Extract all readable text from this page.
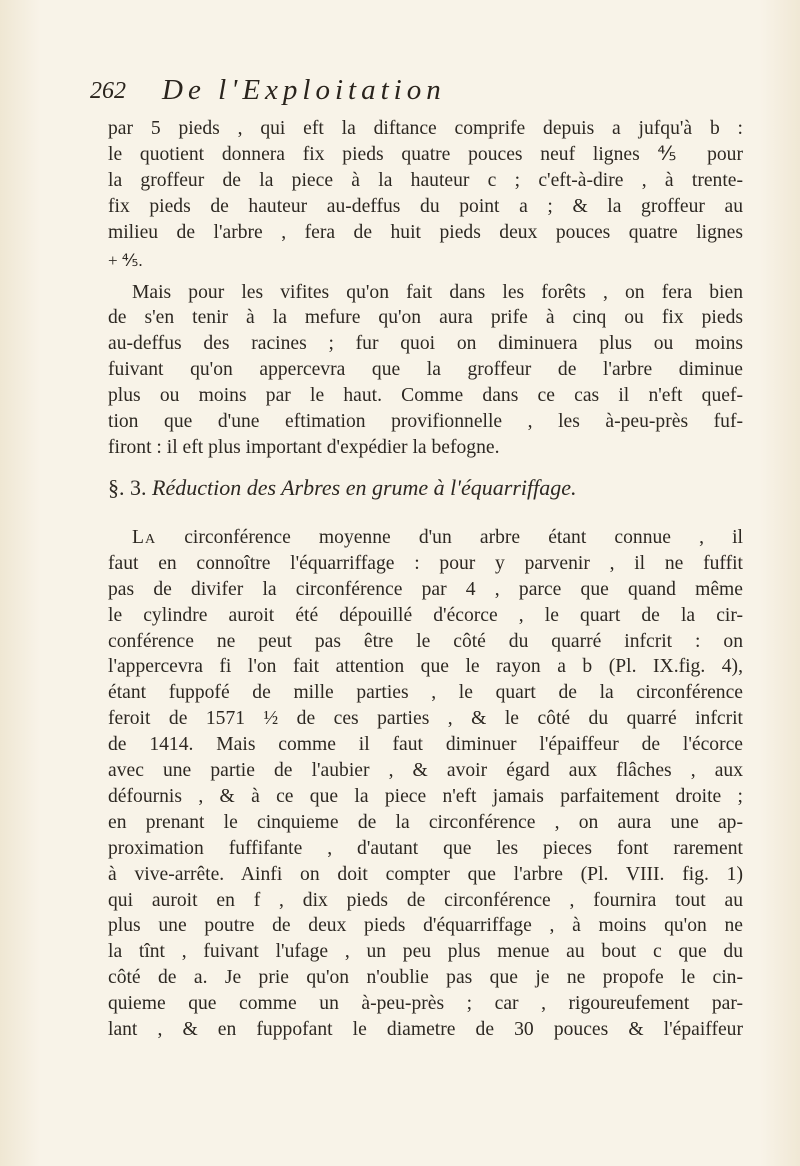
262 De l'Exploitation
par 5 pieds , qui eft la diftance comprife depuis a jufqu'à b :
le quotient donnera fix pieds quatre pouces neuf lignes ⅘ pour
la groffeur de la piece à la hauteur c ; c'eft-à-dire , à trente-
fix pieds de hauteur au-deffus du point a ; & la groffeur au
milieu de l'arbre , fera de huit pieds deux pouces quatre lignes
+ ⅘.
Mais pour les vifites qu'on fait dans les forêts , on fera bien
de s'en tenir à la mefure qu'on aura prife à cinq ou fix pieds
au-deffus des racines ; fur quoi on diminuera plus ou moins
fuivant qu'on appercevra que la groffeur de l'arbre diminue
plus ou moins par le haut. Comme dans ce cas il n'eft quef-
tion que d'une eftimation provifionnelle , les à-peu-près fuf-
firont : il eft plus important d'expédier la befogne.
§. 3. Réduction des Arbres en grume à l'équarriffage.
La circonférence moyenne d'un arbre étant connue , il
faut en connoître l'équarriffage : pour y parvenir , il ne fuffit
pas de divifer la circonférence par 4 , parce que quand même
le cylindre auroit été dépouillé d'écorce , le quart de la cir-
conférence ne peut pas être le côté du quarré infcrit : on
l'appercevra fi l'on fait attention que le rayon a b (Pl. IX.fig. 4),
étant fuppofé de mille parties , le quart de la circonférence
feroit de 1571 ½ de ces parties , & le côté du quarré infcrit
de 1414. Mais comme il faut diminuer l'épaiffeur de l'écorce
avec une partie de l'aubier , & avoir égard aux flâches , aux
défournis , & à ce que la piece n'eft jamais parfaitement droite ;
en prenant le cinquieme de la circonférence , on aura une ap-
proximation fuffifante , d'autant que les pieces font rarement
à vive-arrête. Ainfi on doit compter que l'arbre (Pl. VIII. fig. 1)
qui auroit en f , dix pieds de circonférence , fournira tout au
plus une poutre de deux pieds d'équarriffage , à moins qu'on ne
la tînt , fuivant l'ufage , un peu plus menue au bout c que du
côté de a. Je prie qu'on n'oublie pas que je ne propofe le cin-
quieme que comme un à-peu-près ; car , rigoureufement par-
lant , & en fuppofant le diametre de 30 pouces & l'épaiffeur
